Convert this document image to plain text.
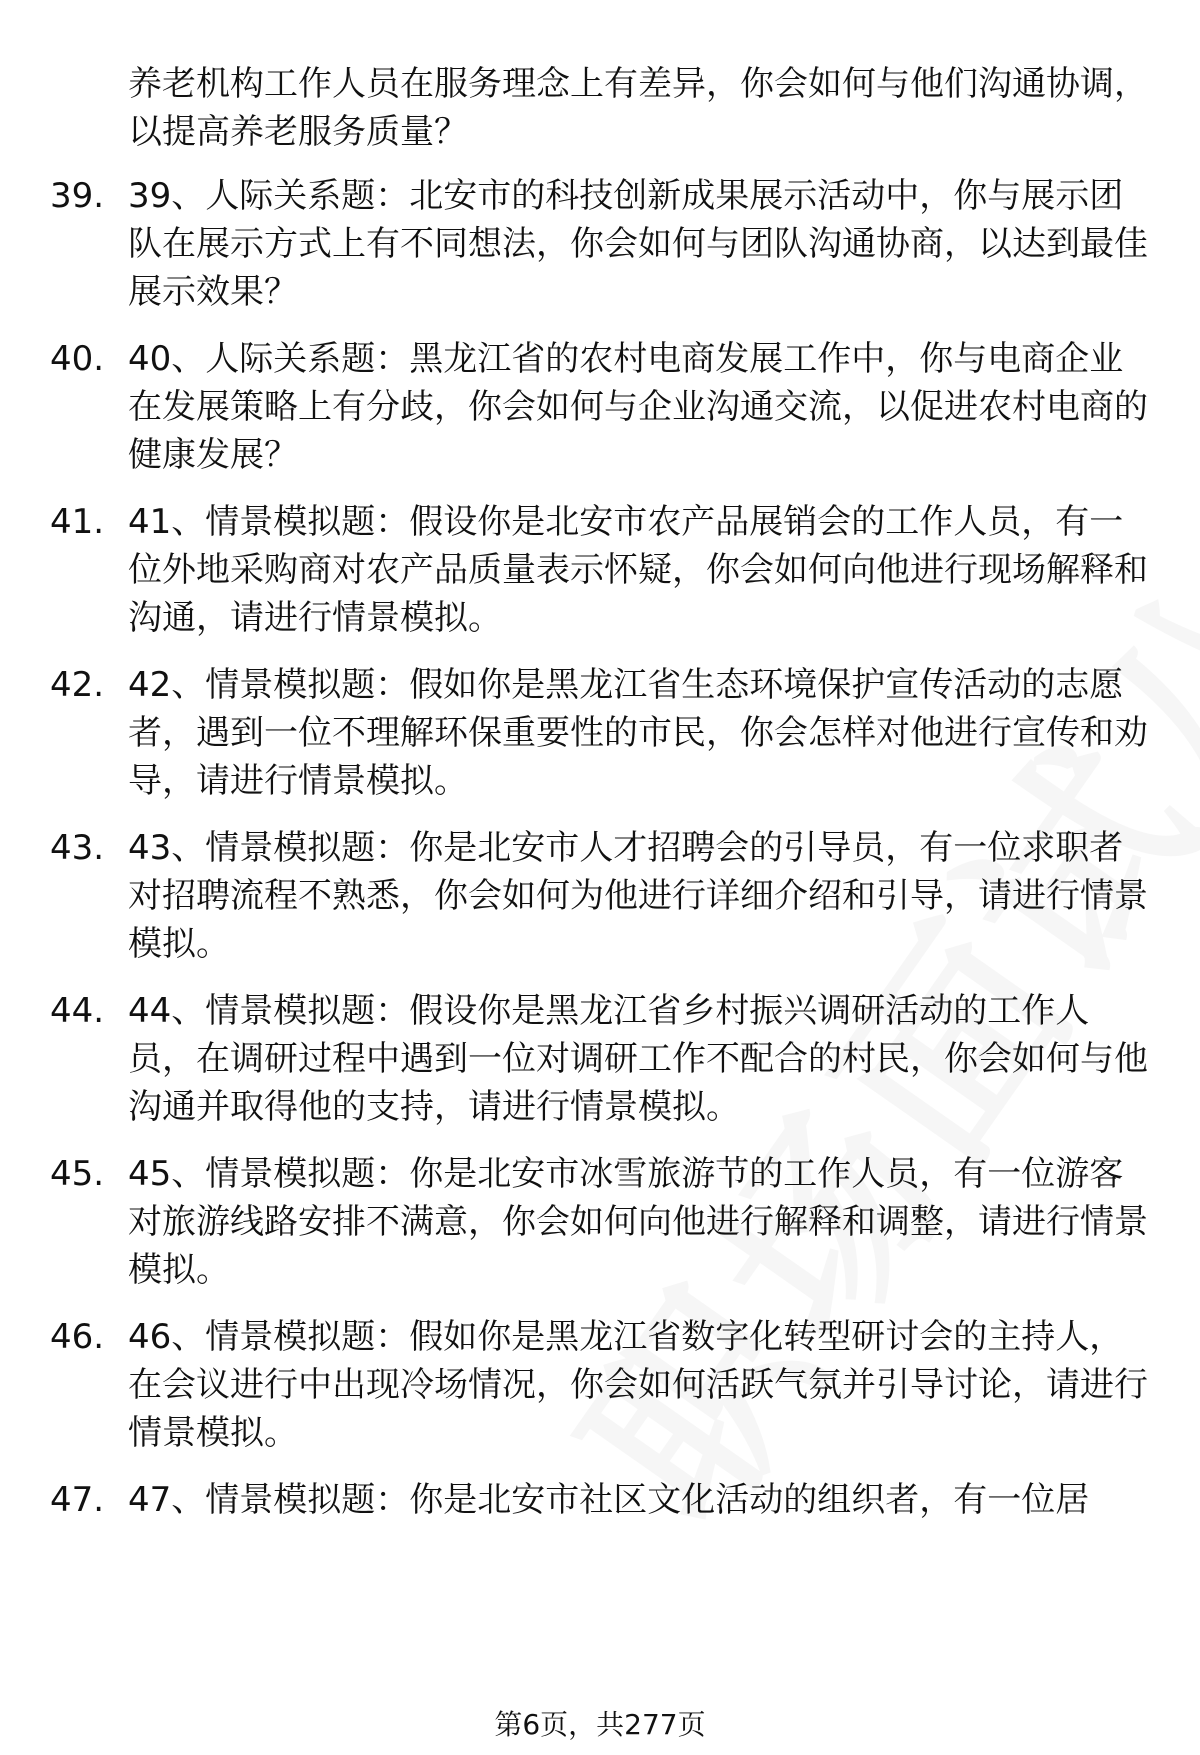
养老机构工作人员在服务理念上有差异，你会如何与他们沟通协调，以提高养老服务质量？
39. 39、人际关系题：北安市的科技创新成果展示活动中，你与展示团队在展示方式上有不同想法，你会如何与团队沟通协商，以达到最佳展示效果？
40. 40、人际关系题：黑龙江省的农村电商发展工作中，你与电商企业在发展策略上有分歧，你会如何与企业沟通交流，以促进农村电商的健康发展？
41. 41、情景模拟题：假设你是北安市农产品展销会的工作人员，有一位外地采购商对农产品质量表示怀疑，你会如何向他进行现场解释和沟通，请进行情景模拟。
42. 42、情景模拟题：假如你是黑龙江省生态环境保护宣传活动的志愿者，遇到一位不理解环保重要性的市民，你会怎样对他进行宣传和劝导，请进行情景模拟。
43. 43、情景模拟题：你是北安市人才招聘会的引导员，有一位求职者对招聘流程不熟悉，你会如何为他进行详细介绍和引导，请进行情景模拟。
44. 44、情景模拟题：假设你是黑龙江省乡村振兴调研活动的工作人员，在调研过程中遇到一位对调研工作不配合的村民，你会如何与他沟通并取得他的支持，请进行情景模拟。
45. 45、情景模拟题：你是北安市冰雪旅游节的工作人员，有一位游客对旅游线路安排不满意，你会如何向他进行解释和调整，请进行情景模拟。
46. 46、情景模拟题：假如你是黑龙江省数字化转型研讨会的主持人，在会议进行中出现冷场情况，你会如何活跃气氛并引导讨论，请进行情景模拟。
47. 47、情景模拟题：你是北安市社区文化活动的组织者，有一位居
第6页，共277页
